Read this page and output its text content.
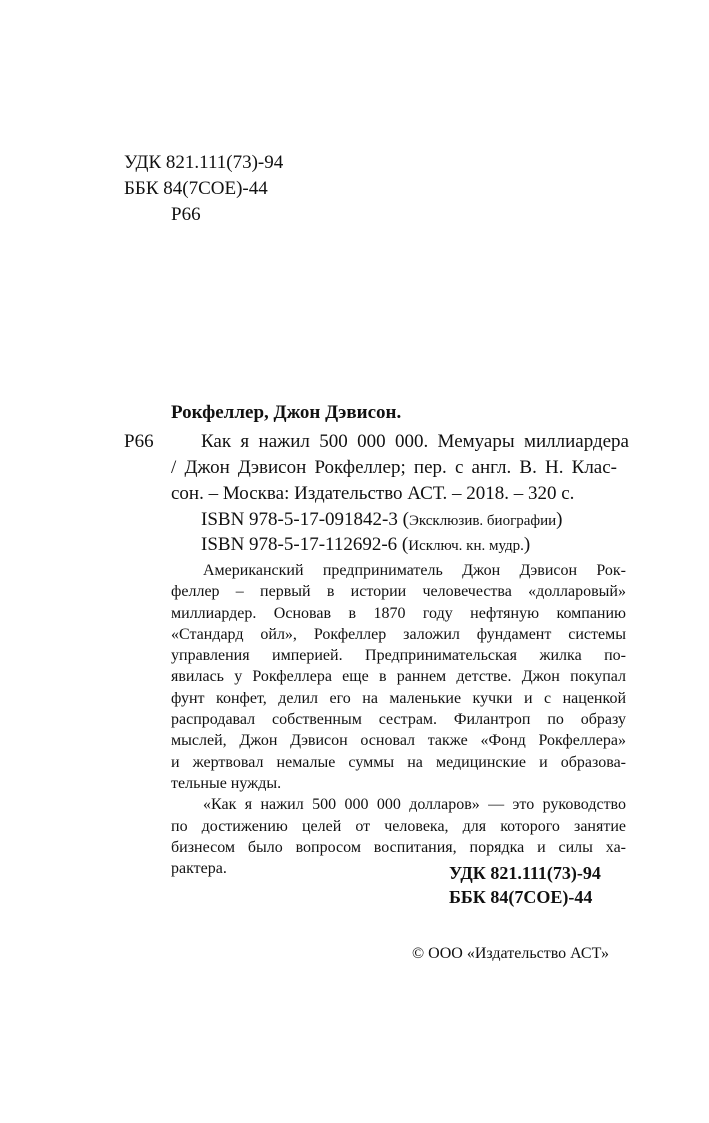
УДК 821.111(73)-94
ББК 84(7СОЕ)-44
Р66
Рокфеллер, Джон Дэвисон.
Р66 Как я нажил 500 000 000. Мемуары миллиардера
/ Джон Дэвисон Рокфеллер; пер. с англ. В. Н. Клас-
сон. – Москва: Издательство АСТ. – 2018. – 320 с.
ISBN 978-5-17-091842-3 (Эксклюзив. биографии)
ISBN 978-5-17-112692-6 (Исключ. кн. мудр.)
Американский предприниматель Джон Дэвисон Рок-
феллер – первый в истории человечества «долларовый»
миллиардер. Основав в 1870 году нефтяную компанию
«Стандард ойл», Рокфеллер заложил фундамент системы
управления империей. Предпринимательская жилка по-
явилась у Рокфеллера еще в раннем детстве. Джон покупал
фунт конфет, делил его на маленькие кучки и с наценкой
распродавал собственным сестрам. Филантроп по образу
мыслей, Джон Дэвисон основал также «Фонд Рокфеллера»
и жертвовал немалые суммы на медицинские и образова-
тельные нужды.
«Как я нажил 500 000 000 долларов» — это руководство
по достижению целей от человека, для которого занятие
бизнесом было вопросом воспитания, порядка и силы ха-
рактера.	УДК 821.111(73)-94
ББК 84(7СОЕ)-44
© ООО «Издательство АСТ»
